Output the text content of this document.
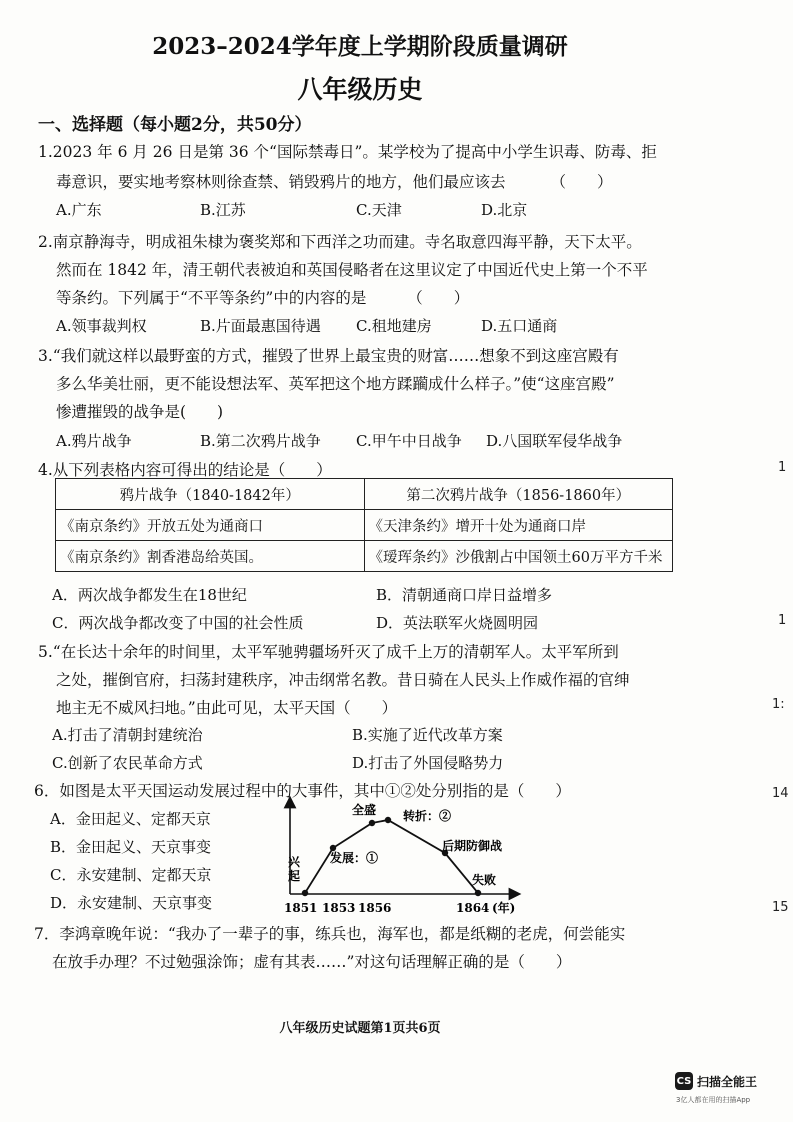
2023–2024学年度上学期阶段质量调研
八年级历史
一、选择题（每小题2分，共50分）
1.2023 年 6 月 26 日是第 36 个“国际禁毒日”。某学校为了提高中小学生识毒、防毒、拒
毒意识，要实地考察林则徐查禁、销毁鸦片的地方，他们最应该去	（　　）
A.广东	B.江苏	C.天津	D.北京
2.南京静海寺，明成祖朱棣为褒奖郑和下西洋之功而建。寺名取意四海平静，天下太平。
然而在 1842 年，清王朝代表被迫和英国侵略者在这里议定了中国近代史上第一个不平
等条约。下列属于“不平等条约”中的内容的是	（　　）
A.领事裁判权	B.片面最惠国待遇 C.租地建房	D.五口通商
3.“我们就这样以最野蛮的方式，摧毁了世界上最宝贵的财富……想象不到这座宫殿有
多么华美壮丽，更不能设想法军、英军把这个地方蹂躏成什么样子。”使“这座宫殿”
惨遭摧毁的战争是(　　)
A.鸦片战争	B.第二次鸦片战争 C.甲午中日战争 D.八国联军侵华战争
4.从下列表格内容可得出的结论是（　　）
鸦片战争（1840-1842年）	第二次鸦片战争（1856-1860年）
《南京条约》开放五处为通商口	《天津条约》增开十处为通商口岸
《南京条约》割香港岛给英国。	《瑷珲条约》沙俄割占中国领土60万平方千米
A．两次战争都发生在18世纪	B．清朝通商口岸日益增多
C．两次战争都改变了中国的社会性质	D．英法联军火烧圆明园
5.“在长达十余年的时间里，太平军驰骋疆场歼灭了成千上万的清朝军人。太平军所到
之处，摧倒官府，扫荡封建秩序，冲击纲常名教。昔日骑在人民头上作威作福的官绅
地主无不威风扫地。”由此可见，太平天国（　　）
A.打击了清朝封建统治	B.实施了近代改革方案
C.创新了农民革命方式	D.打击了外国侵略势力
6．如图是太平天国运动发展过程中的大事件，其中①②处分别指的是（　　）
A．金田起义、定都天京
B．金田起义、天京事变
C．永安建制、定都天京
D．永安建制、天京事变
兴
起
发展：①
全盛 转折：②
后期防御战
失败
1851 1853 1856	1864 (年)
7．李鸿章晚年说：“我办了一辈子的事，练兵也，海军也，都是纸糊的老虎，何尝能实
在放手办理？不过勉强涂饰；虚有其表……”对这句话理解正确的是（　　）
八年级历史试题第1页共6页
1
1
1:
14
15
CS 扫描全能王
3亿人都在用的扫描App
